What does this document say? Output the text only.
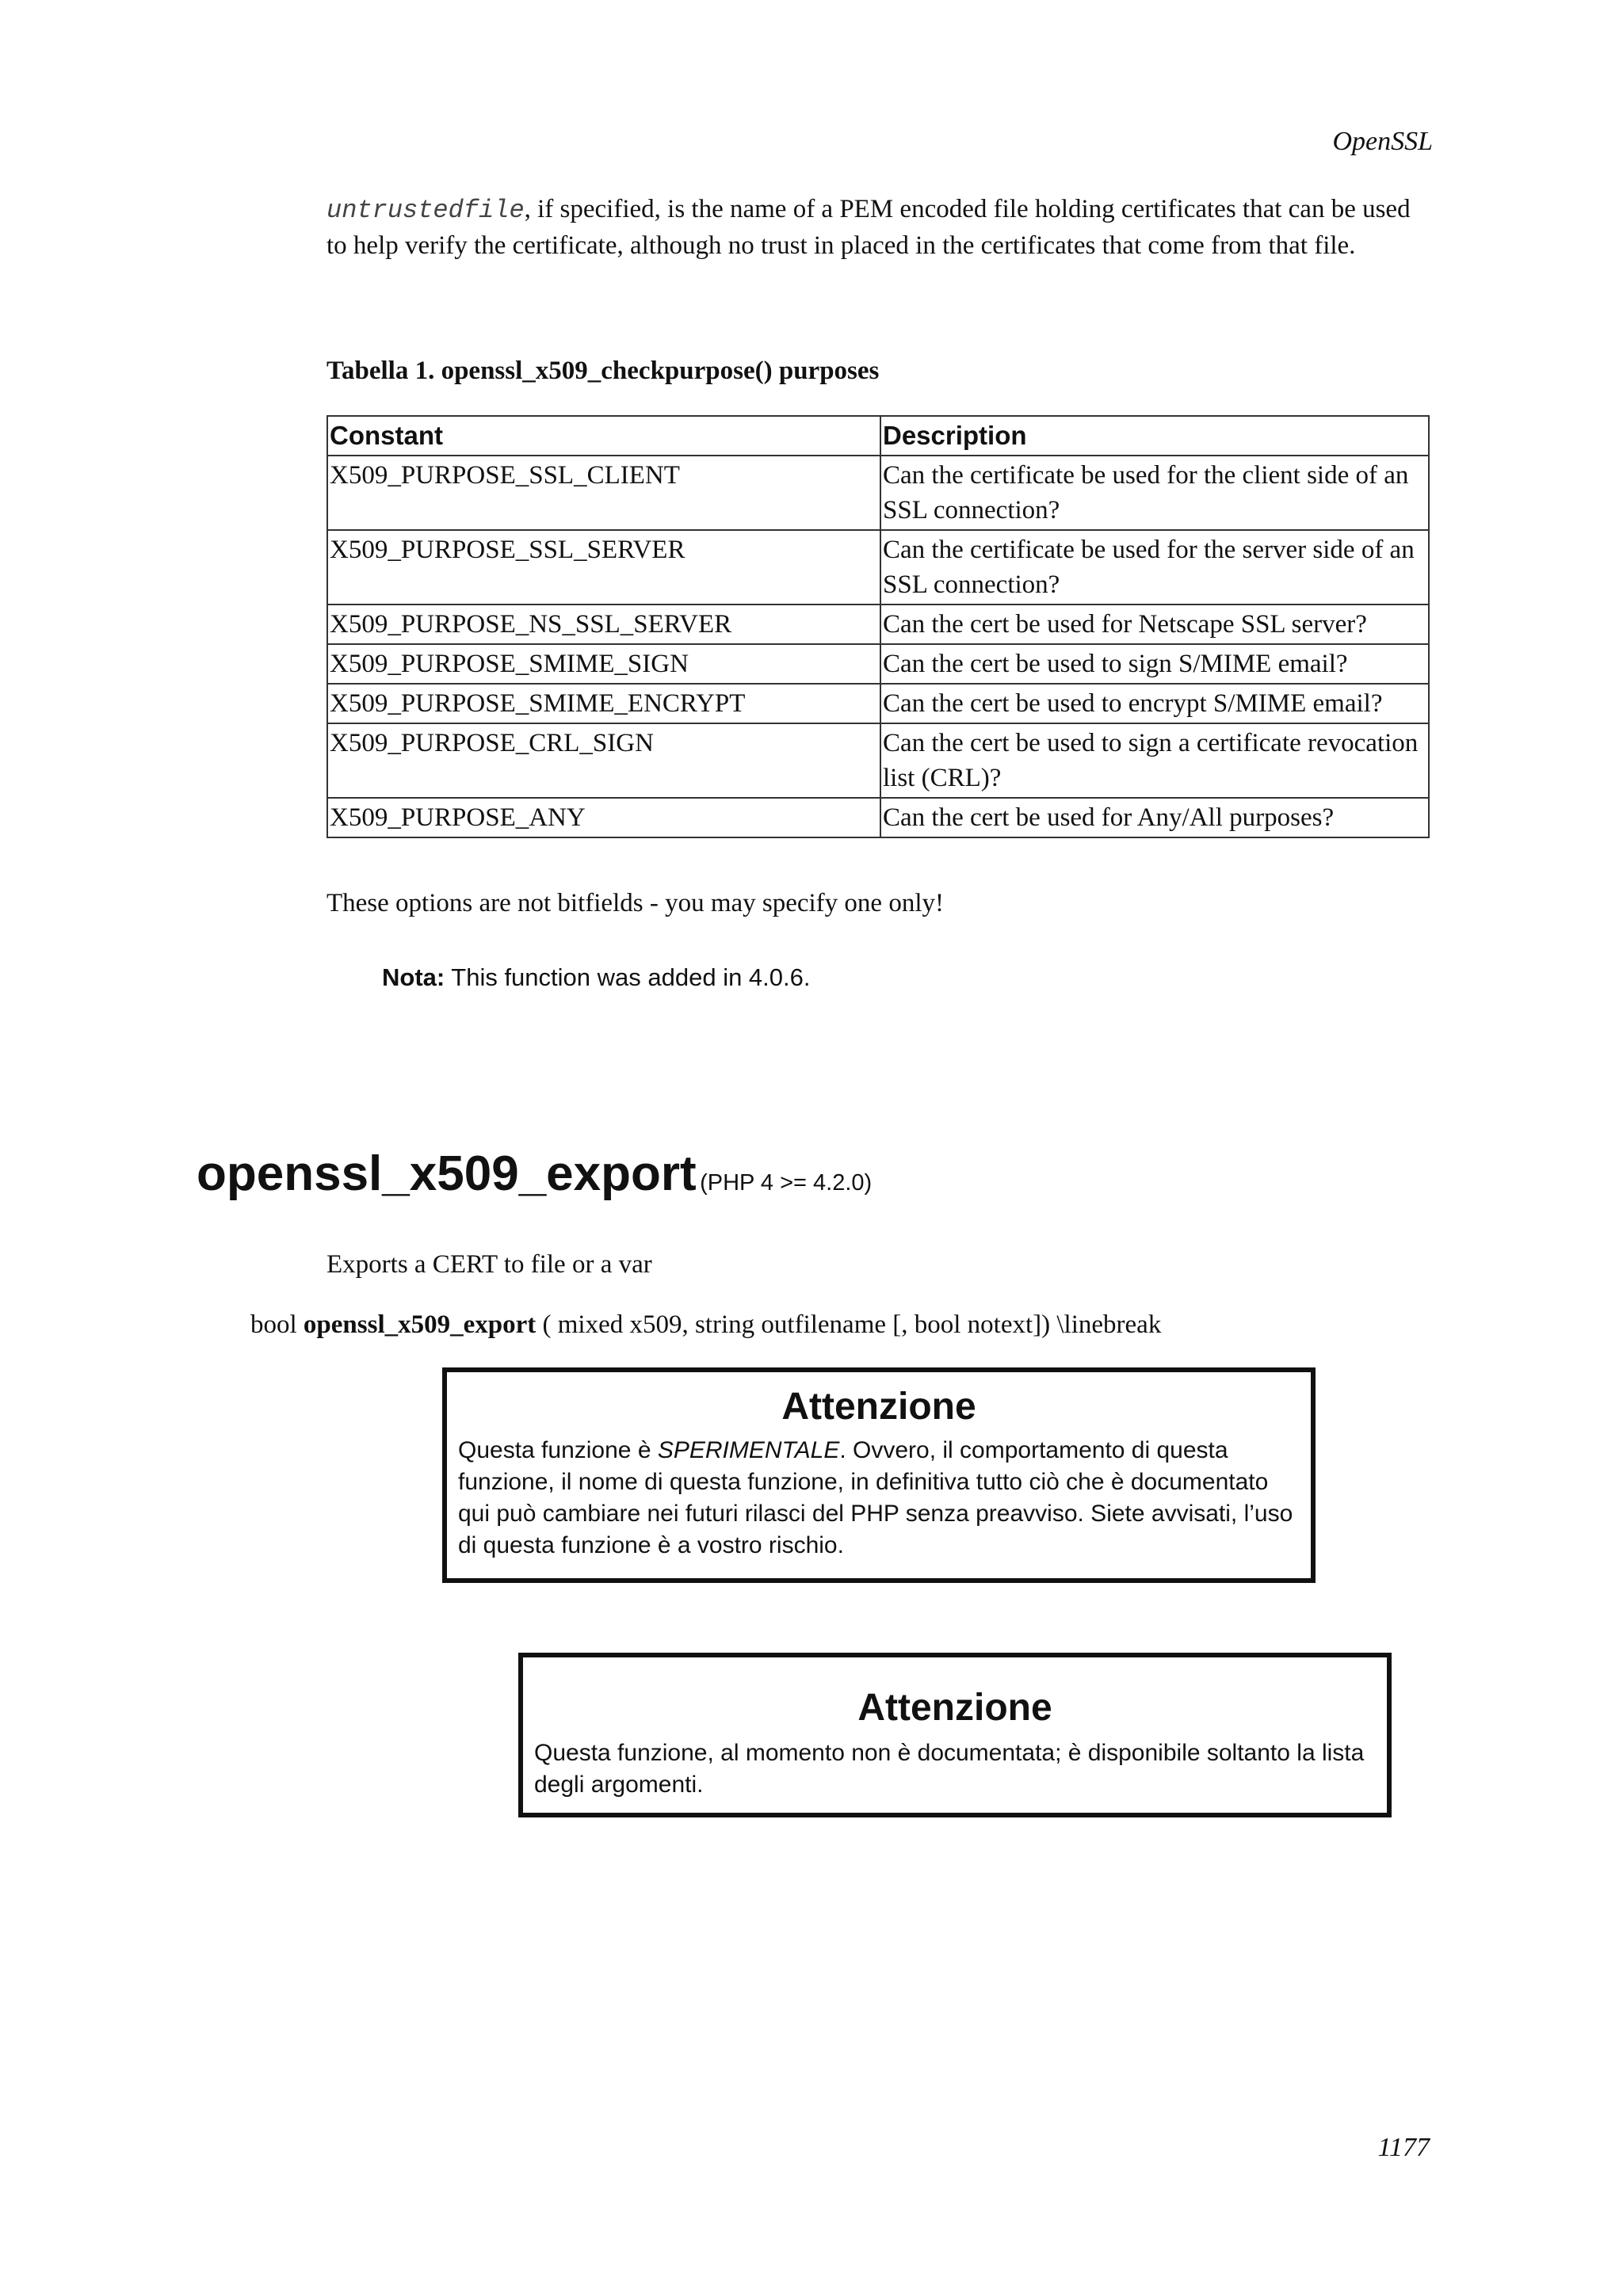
OpenSSL
untrustedfile, if specified, is the name of a PEM encoded file holding certificates that can be used to help verify the certificate, although no trust in placed in the certificates that come from that file.
Tabella 1. openssl_x509_checkpurpose() purposes
Constant	Description
X509_PURPOSE_SSL_CLIENT	Can the certificate be used for the client side of an SSL connection?
X509_PURPOSE_SSL_SERVER	Can the certificate be used for the server side of an SSL connection?
X509_PURPOSE_NS_SSL_SERVER	Can the cert be used for Netscape SSL server?
X509_PURPOSE_SMIME_SIGN	Can the cert be used to sign S/MIME email?
X509_PURPOSE_SMIME_ENCRYPT	Can the cert be used to encrypt S/MIME email?
X509_PURPOSE_CRL_SIGN	Can the cert be used to sign a certificate revocation list (CRL)?
X509_PURPOSE_ANY	Can the cert be used for Any/All purposes?
These options are not bitfields - you may specify one only!
Nota: This function was added in 4.0.6.
openssl_x509_export (PHP 4 >= 4.2.0)
Exports a CERT to file or a var
bool openssl_x509_export ( mixed x509, string outfilename [, bool notext]) \linebreak
Attenzione

Questa funzione è SPERIMENTALE. Ovvero, il comportamento di questa funzione, il nome di questa funzione, in definitiva tutto ciò che è documentato qui può cambiare nei futuri rilasci del PHP senza preavviso. Siete avvisati, l’uso di questa funzione è a vostro rischio.

Attenzione

Questa funzione, al momento non è documentata; è disponibile soltanto la lista degli argomenti.

1177
